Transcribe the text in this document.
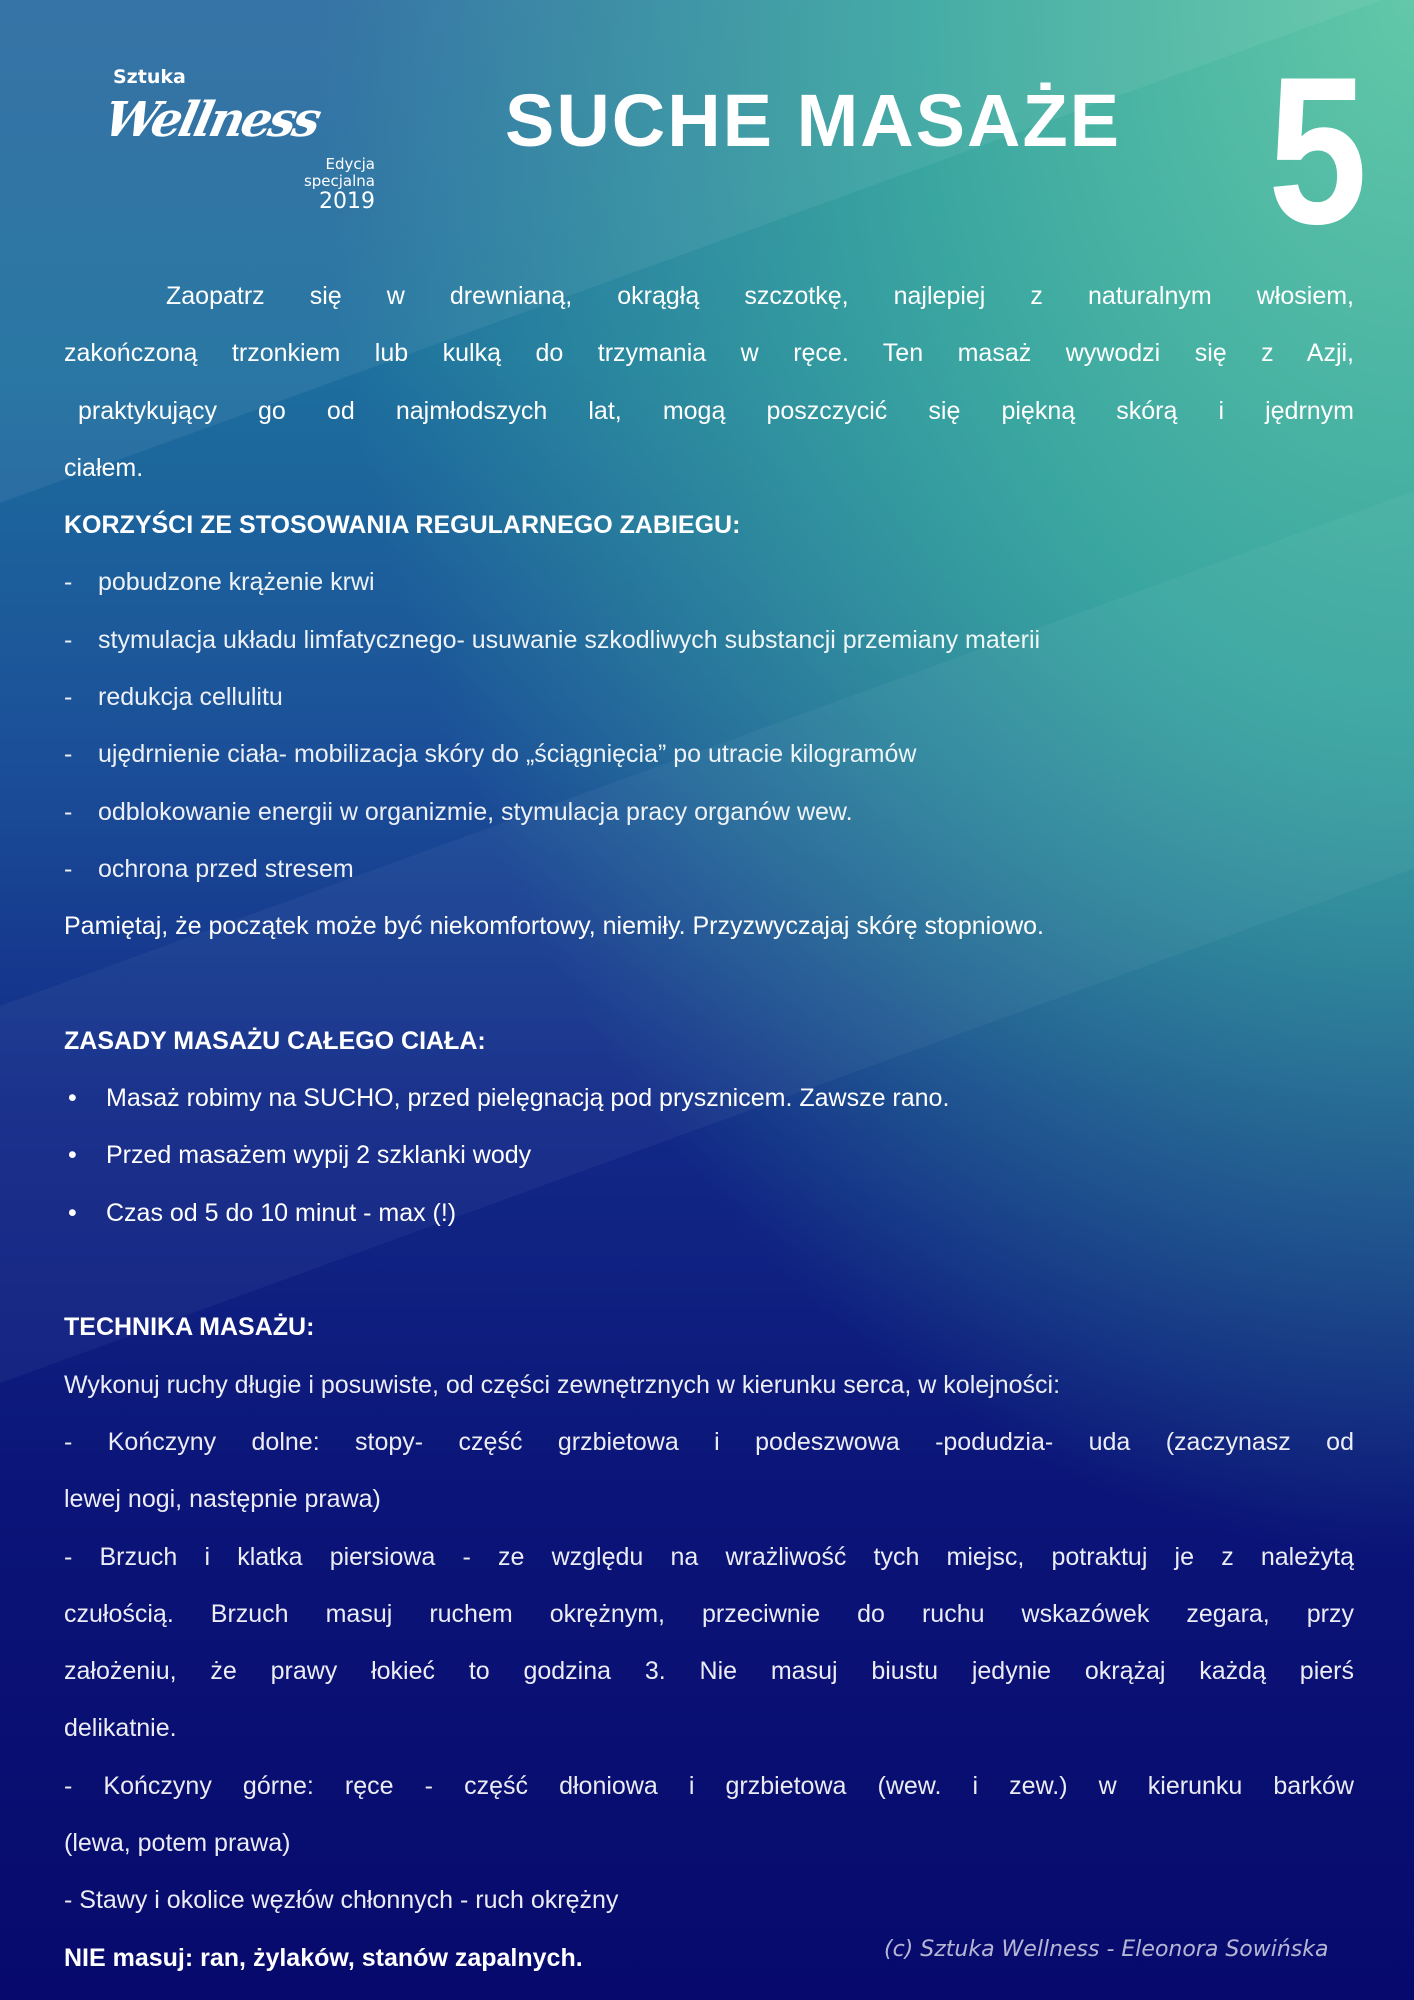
Sztuka
Wellness
Edycja
specjalna
2019
SUCHE MASAŻE 5
Zaopatrz się w drewnianą, okrągłą szczotkę, najlepiej z naturalnym włosiem,
zakończoną trzonkiem lub kulką do trzymania w ręce. Ten masaż wywodzi się z Azji,
praktykujący go od najmłodszych lat, mogą poszczycić się piękną skórą i jędrnym
ciałem.
KORZYŚCI ZE STOSOWANIA REGULARNEGO ZABIEGU:
- pobudzone krążenie krwi
- stymulacja układu limfatycznego- usuwanie szkodliwych substancji przemiany materii
- redukcja cellulitu
- ujędrnienie ciała- mobilizacja skóry do „ściągnięcia” po utracie kilogramów
- odblokowanie energii w organizmie, stymulacja pracy organów wew.
- ochrona przed stresem
Pamiętaj, że początek może być niekomfortowy, niemiły. Przyzwyczajaj skórę stopniowo.
ZASADY MASAŻU CAŁEGO CIAŁA:
• Masaż robimy na SUCHO, przed pielęgnacją pod prysznicem. Zawsze rano.
• Przed masażem wypij 2 szklanki wody
• Czas od 5 do 10 minut - max (!)
TECHNIKA MASAŻU:
Wykonuj ruchy długie i posuwiste, od części zewnętrznych w kierunku serca, w kolejności:
- Kończyny dolne: stopy- część grzbietowa i podeszwowa -podudzia- uda (zaczynasz od
lewej nogi, następnie prawa)
- Brzuch i klatka piersiowa - ze względu na wrażliwość tych miejsc, potraktuj je z należytą
czułością. Brzuch masuj ruchem okrężnym, przeciwnie do ruchu wskazówek zegara, przy
założeniu, że prawy łokieć to godzina 3. Nie masuj biustu jedynie okrążaj każdą pierś
delikatnie.
- Kończyny górne: ręce - część dłoniowa i grzbietowa (wew. i zew.) w kierunku barków
(lewa, potem prawa)
- Stawy i okolice węzłów chłonnych - ruch okrężny
NIE masuj: ran, żylaków, stanów zapalnych.	(c) Sztuka Wellness - Eleonora Sowińska
